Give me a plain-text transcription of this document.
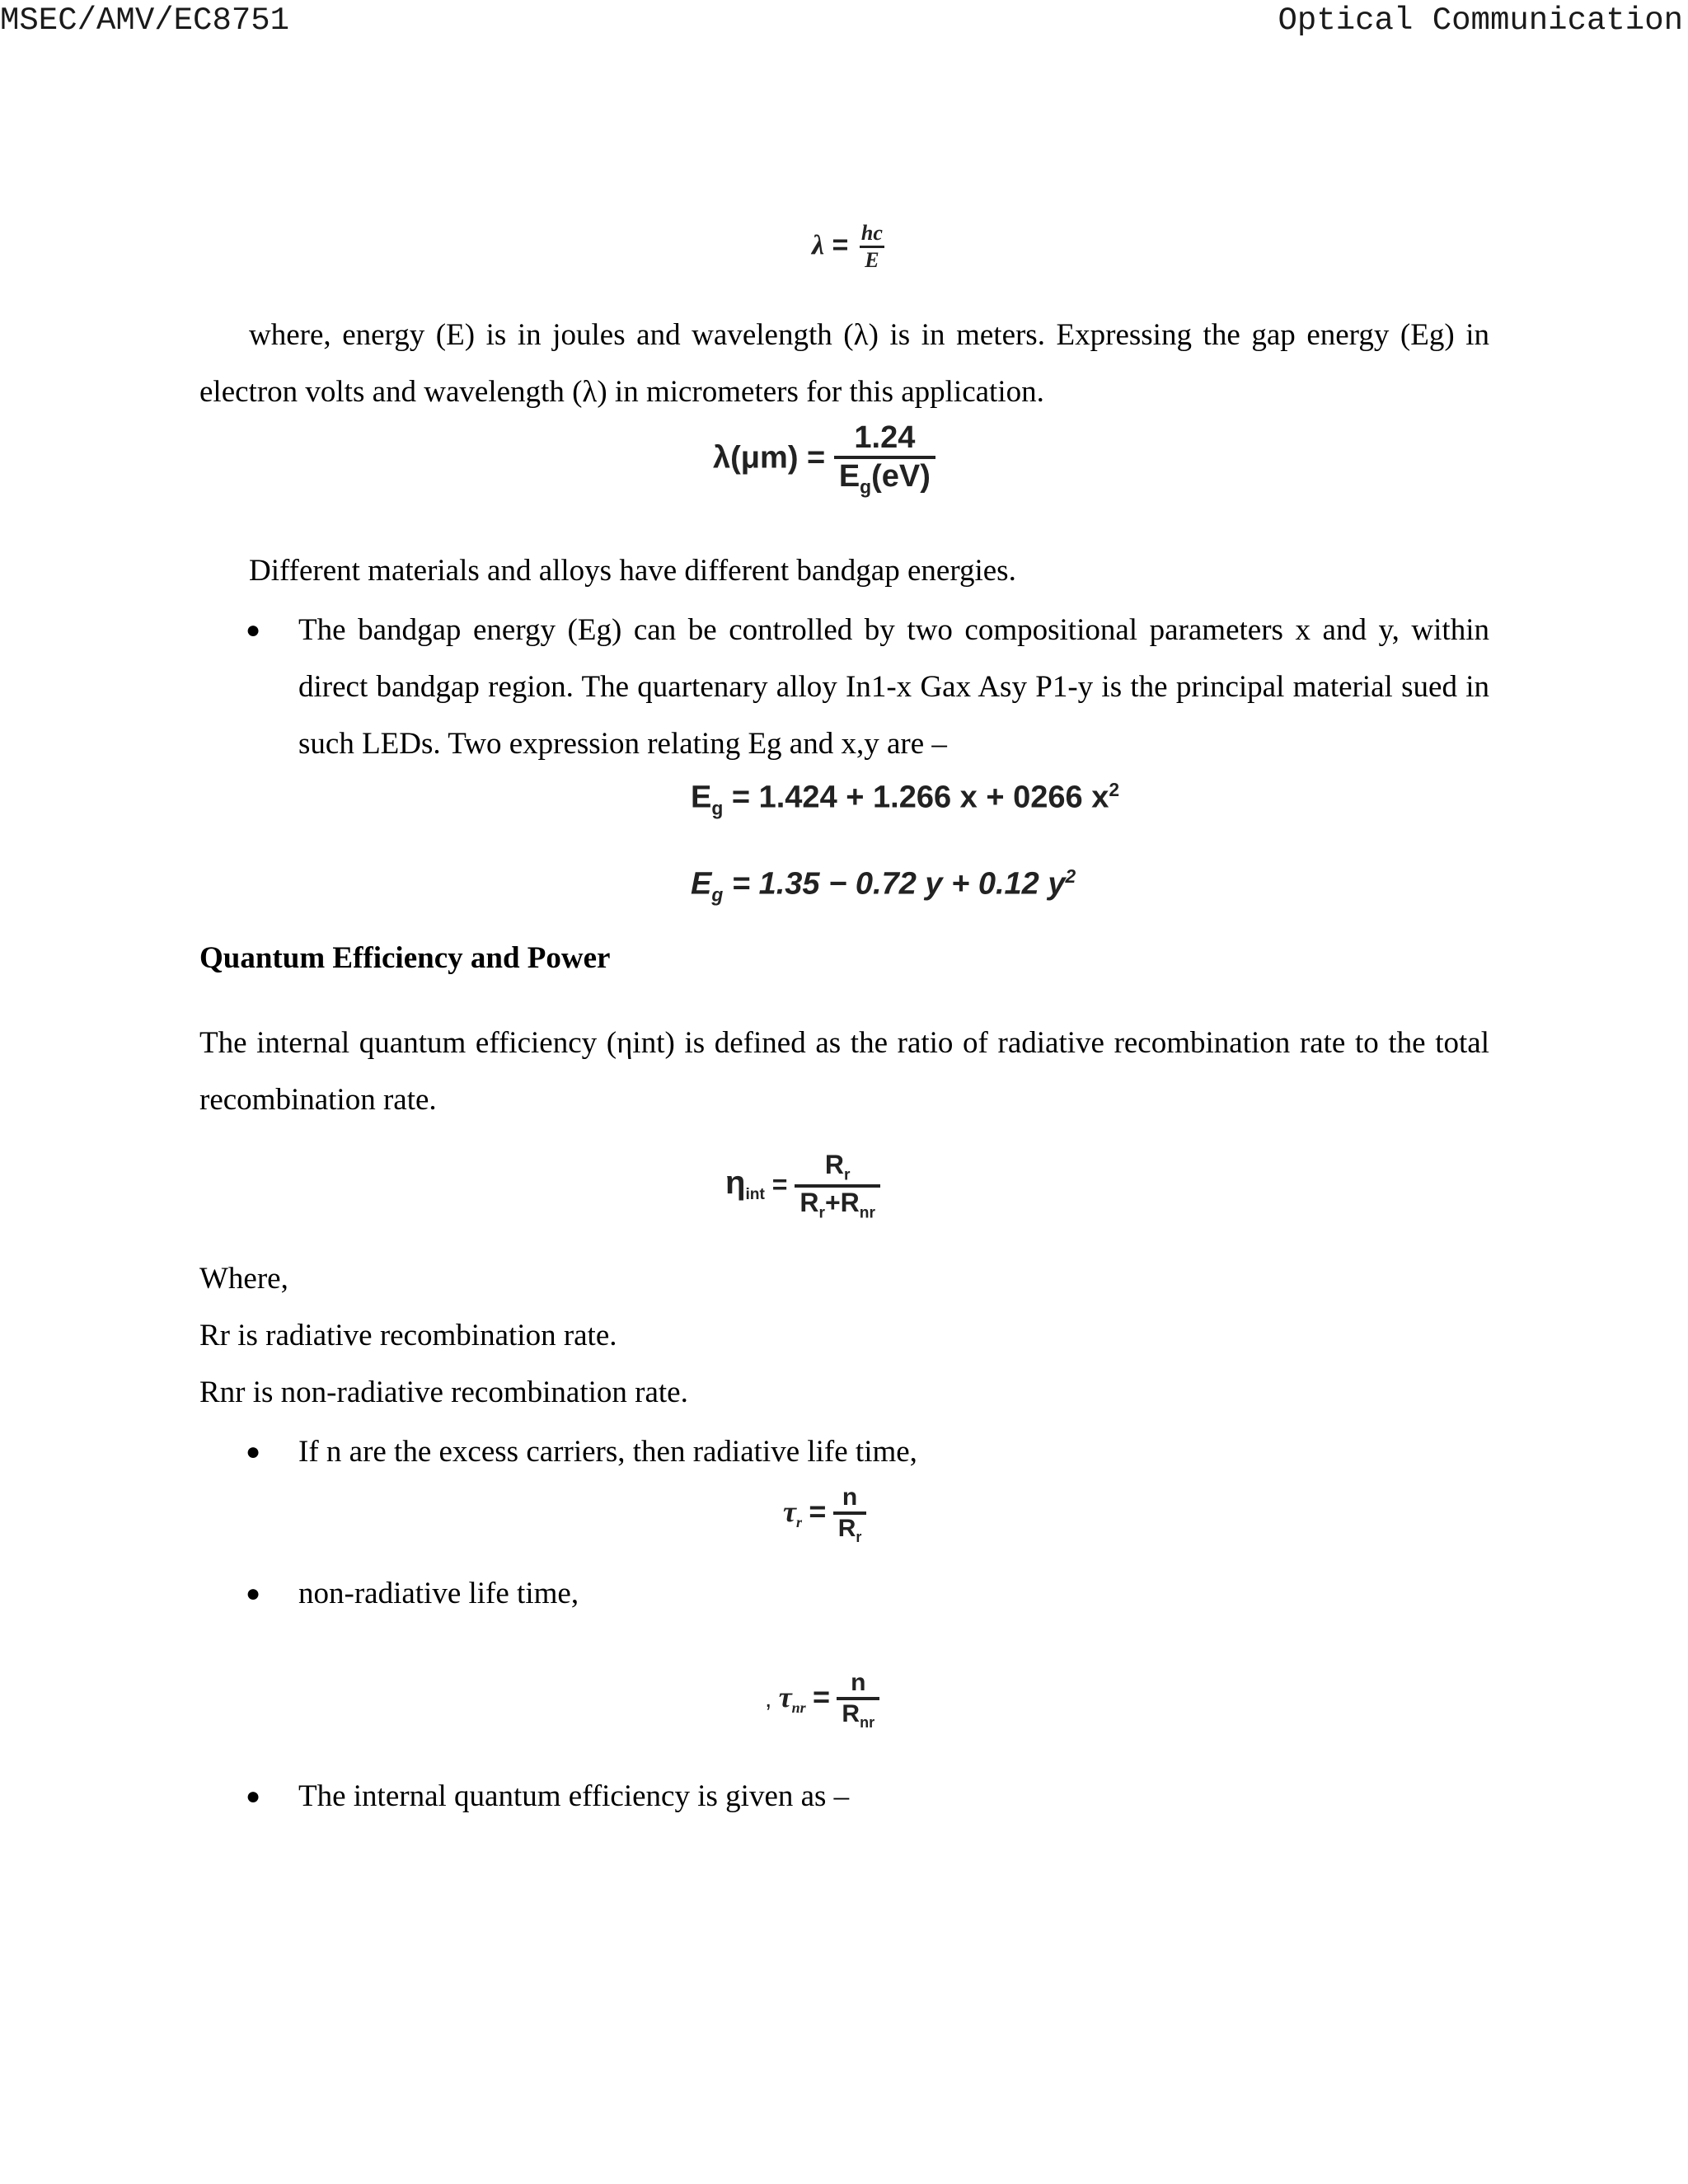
MSEC/AMV/EC8751	Optical Communication
$\lambda = \frac{hc}{E}$
where, energy (E) is in joules and wavelength (λ) is in meters. Expressing the gap energy (Eg) in electron volts and wavelength (λ) in micrometers for this application.
$\lambda(\mu m) = \frac{1.24}{E_g(eV)}$
Different materials and alloys have different bandgap energies.
● The bandgap energy (Eg) can be controlled by two compositional parameters x and y, within direct bandgap region. The quartenary alloy In1-x Gax Asy P1-y is the principal material sued in such LEDs. Two expression relating Eg and x,y are –
$E_g = 1.424 + 1.266$ x + 0266 $x^2$
$E_g = 1.35 - 0.72$ y + 0.12 $y^2$
Quantum Efficiency and Power
The internal quantum efficiency (ηint) is defined as the ratio of radiative recombination rate to the total recombination rate.
$\eta_{int} = \frac{R_r}{R_r+R_{nr}}$
Where,
Rr is radiative recombination rate.
Rnr is non-radiative recombination rate.
● If n are the excess carriers, then radiative life time,
$\tau_r = \frac{n}{R_r}$
● non-radiative life time,
, $\tau_{nr} = \frac{n}{R_{nr}}$
● The internal quantum efficiency is given as –
